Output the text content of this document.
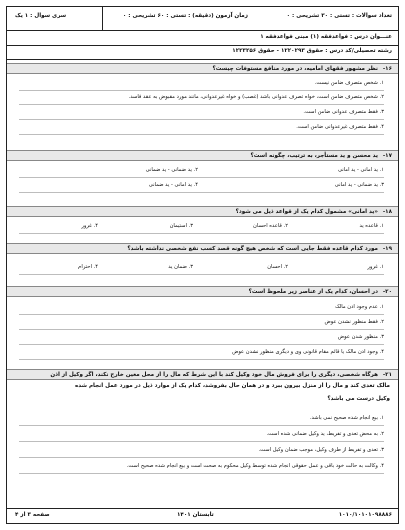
تعداد سوالات : تستی : ۳۰ تشریحی : ۰
زمان آزمون (دقیقه) : تستی : ۶۰ تشریحی : ۰
سری سوال : ۱ یک
عنـــوان درس : فواعدفقه (۱) مبنی فواعدفقه ۱
رشته تحصیلی/کد درس : حقوق ۱۲۲۰۲۹۳ - حقوق ۱۲۲۳۲۵۶
۱۶-
نظر مشهور فقهای امامیه، در مورد منافع مستوفات چیست؟
۱. شخص متصرف ضامن نیست.
۲. شخص متصرف ضامن است، خواه تصرف عدوانی باشد (غصب) و خواه غیرعدوانی، مانند مورد مقبوض به عقد فاسد.
۳. فقط متصرف عدوانی ضامن است.
۴. فقط متصرف غیرعدوانی ضامن است.
۱۷-
ید محسن و ید مستأجر، به ترتیب، چگونه است؟
۱. ید امانی - ید امانی
۲. ید ضمانی - ید ضمانی
۳. ید ضمانی - ید امانی
۴. ید امانی - ید ضمانی
۱۸-
«ید امانی» مشمول کدام یک از قواعد ذیل می شود؟
۱. قاعده ید
۲. قاعده احسان
۳. استیمان
۴. غرور
۱۹-
مورد کدام قاعده فقط جایی است که شخص هیچ گونه قصد کسب نفع شخصی نداشته باشد؟
۱. غرور
۲. احسان
۳. ضمان ید
۴. احترام
۲۰-
در احسان، کدام یک از عناصر زیر ملحوظ است؟
۱. عدم وجود اذن مالک
۲. فقط منظور نشدن عوض
۳. منظور شدن عوض
۴. وجود اذن مالک یا قائم مقام قانونی وی و دیگری منظور نشدن عوض
۲۱-
هرگاه شخصی، دیگری را برای فروش مال خود وکیل کند با این شرط که مال را از محل معین خارج نکند، اگر وکیل از اذن
مالک تعدی کند و مال را از منزل بیرون ببرد و در همان حال بفروشد، کدام یک از موارد ذیل در مورد عمل انجام شده
وکیل درست می باشد؟
۱. بیع انجام شده صحیح نمی باشد.
۲. به محض تعدی و تفریط، ید وکیل ضمانی شده است.
۳. تعدی و تفریط از طرف وکیل، موجب ضمان وکیل است.
۴. وکالت به حالت خود باقی و عمل حقوقی انجام شده توسط وکیل محکوم به صحت است و بیع انجام شده صحیح است.
صفحه ۳ از ۴	تابستان ۱۴۰۱	۱۰۱۰/۱۰۱۰۱۰۹۸۸۸۶
